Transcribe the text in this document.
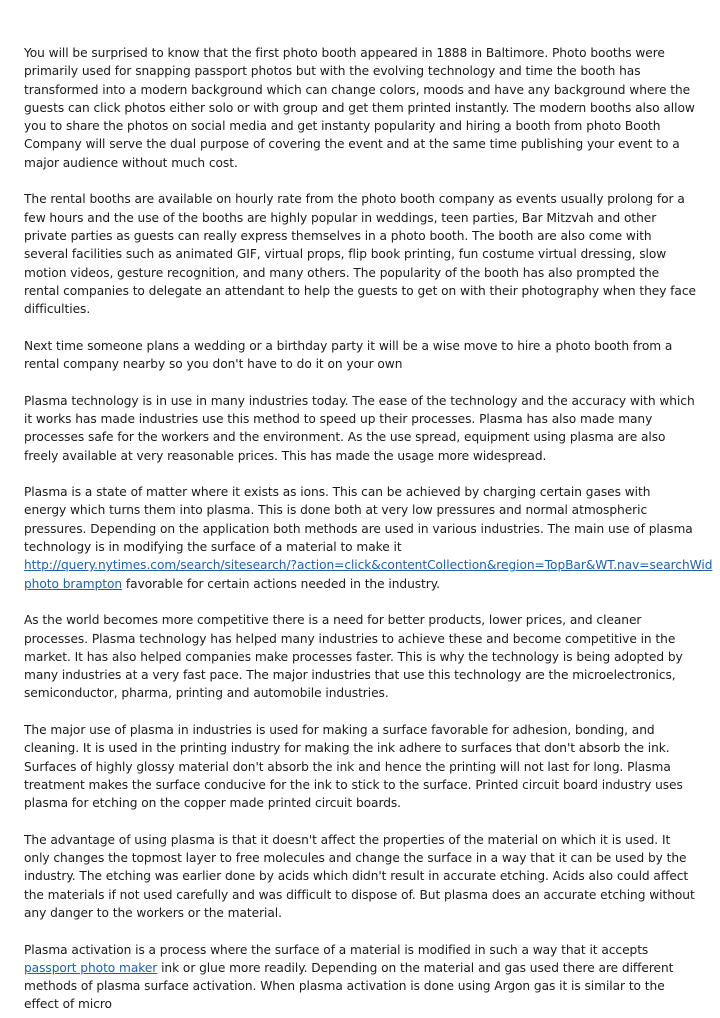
You will be surprised to know that the first photo booth appeared in 1888 in Baltimore. Photo booths were primarily used for snapping passport photos but with the evolving technology and time the booth has transformed into a modern background which can change colors, moods and have any background where the guests can click photos either solo or with group and get them printed instantly. The modern booths also allow you to share the photos on social media and get instanty popularity and hiring a booth from photo Booth Company will serve the dual purpose of covering the event and at the same time publishing your event to a major audience without much cost.

The rental booths are available on hourly rate from the photo booth company as events usually prolong for a few hours and the use of the booths are highly popular in weddings, teen parties, Bar Mitzvah and other private parties as guests can really express themselves in a photo booth. The booth are also come with several facilities such as animated GIF, virtual props, flip book printing, fun costume virtual dressing, slow motion videos, gesture recognition, and many others. The popularity of the booth has also prompted the rental companies to delegate an attendant to help the guests to get on with their photography when they face difficulties.

Next time someone plans a wedding or a birthday party it will be a wise move to hire a photo booth from a rental company nearby so you don't have to do it on your own

Plasma technology is in use in many industries today. The ease of the technology and the accuracy with which it works has made industries use this method to speed up their processes. Plasma has also made many processes safe for the workers and the environment. As the use spread, equipment using plasma are also freely available at very reasonable prices. This has made the usage more widespread.

Plasma is a state of matter where it exists as ions. This can be achieved by charging certain gases with energy which turns them into plasma. This is done both at very low pressures and normal atmospheric pressures. Depending on the application both methods are used in various industries. The main use of plasma technology is in modifying the surface of a material to make it
http://query.nytimes.com/search/sitesearch/?action=click&contentCollection&region=TopBar&WT.nav=searchWid
photo brampton favorable for certain actions needed in the industry.

As the world becomes more competitive there is a need for better products, lower prices, and cleaner processes. Plasma technology has helped many industries to achieve these and become competitive in the market. It has also helped companies make processes faster. This is why the technology is being adopted by many industries at a very fast pace. The major industries that use this technology are the microelectronics, semiconductor, pharma, printing and automobile industries.

The major use of plasma in industries is used for making a surface favorable for adhesion, bonding, and cleaning. It is used in the printing industry for making the ink adhere to surfaces that don't absorb the ink. Surfaces of highly glossy material don't absorb the ink and hence the printing will not last for long. Plasma treatment makes the surface conducive for the ink to stick to the surface. Printed circuit board industry uses plasma for etching on the copper made printed circuit boards.

The advantage of using plasma is that it doesn't affect the properties of the material on which it is used. It only changes the topmost layer to free molecules and change the surface in a way that it can be used by the industry. The etching was earlier done by acids which didn't result in accurate etching. Acids also could affect the materials if not used carefully and was difficult to dispose of. But plasma does an accurate etching without any danger to the workers or the material.

Plasma activation is a process where the surface of a material is modified in such a way that it accepts passport photo maker ink or glue more readily. Depending on the material and gas used there are different methods of plasma surface activation. When plasma activation is done using Argon gas it is similar to the effect of micro
